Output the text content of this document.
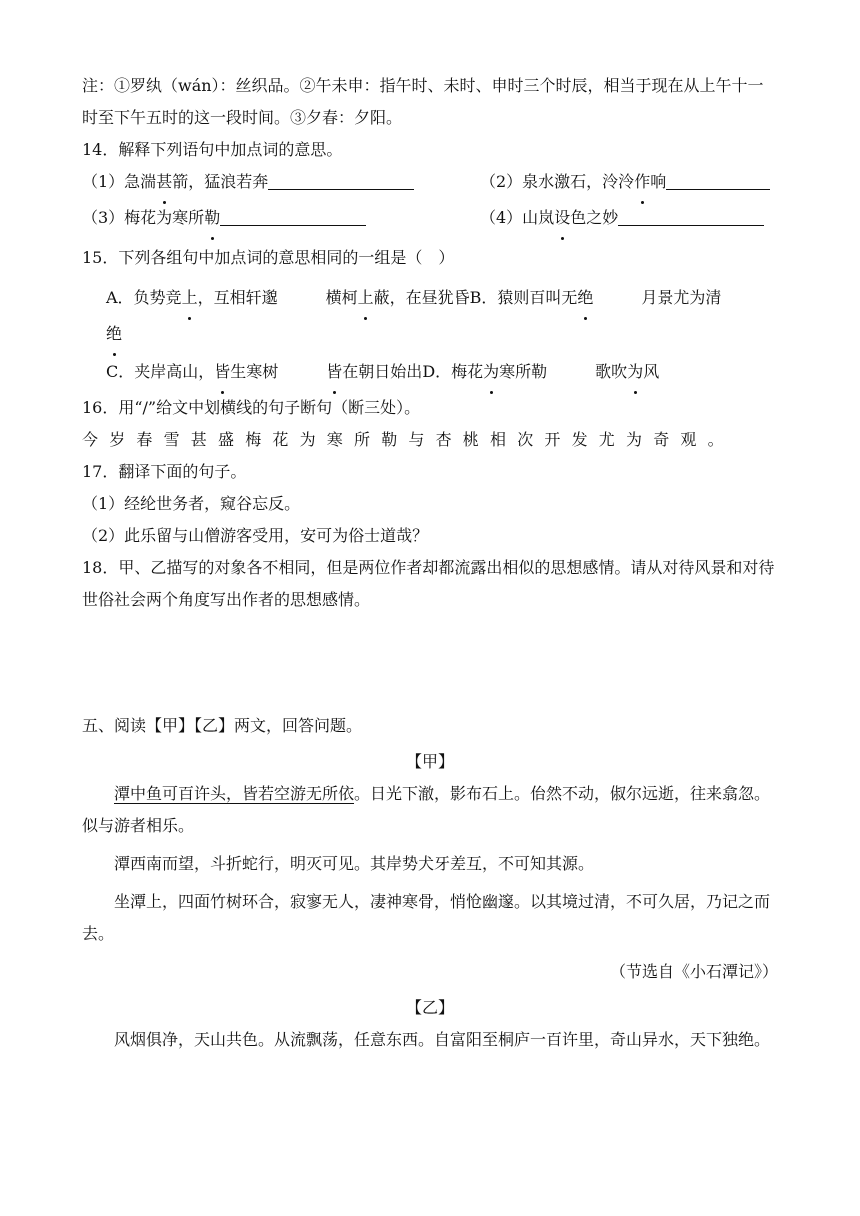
注：①罗纨（wán）：丝织品。②午未申：指午时、未时、申时三个时辰，相当于现在从上午十一时至下午五时的这一段时间。③夕春：夕阳。

14．解释下列语句中加点词的意思。

（1）急湍甚箭，猛浪若奔	（2）泉水激石，泠泠作响

（3）梅花为寒所勒	（4）山岚设色之妙

15．下列各组句中加点词的意思相同的一组是（　）

A．负势竞上，互相轩邈　　　横柯上蔽，在昼犹昏B．猿则百叫无绝　　　月景尤为清

绝

C．夹岸高山，皆生寒树　　　皆在朝日始出D．梅花为寒所勒　　　歌吹为风

16．用“/”给文中划横线的句子断句（断三处）。

今岁春雪甚盛梅花为寒所勒与杏桃相次开发尤为奇观。

17．翻译下面的句子。

（1）经纶世务者，窥谷忘反。

（2）此乐留与山僧游客受用，安可为俗士道哉？

18．甲、乙描写的对象各不相同，但是两位作者却都流露出相似的思想感情。请从对待风景和对待世俗社会两个角度写出作者的思想感情。

五、阅读【甲】【乙】两文，回答问题。

【甲】

潭中鱼可百许头，皆若空游无所依。日光下澈，影布石上。佁然不动，俶尔远逝，往来翕忽。似与游者相乐。

潭西南而望，斗折蛇行，明灭可见。其岸势犬牙差互，不可知其源。

坐潭上，四面竹树环合，寂寥无人，凄神寒骨，悄怆幽邃。以其境过清，不可久居，乃记之而去。

（节选自《小石潭记》）

【乙】

风烟俱净，天山共色。从流飘荡，任意东西。自富阳至桐庐一百许里，奇山异水，天下独绝。
